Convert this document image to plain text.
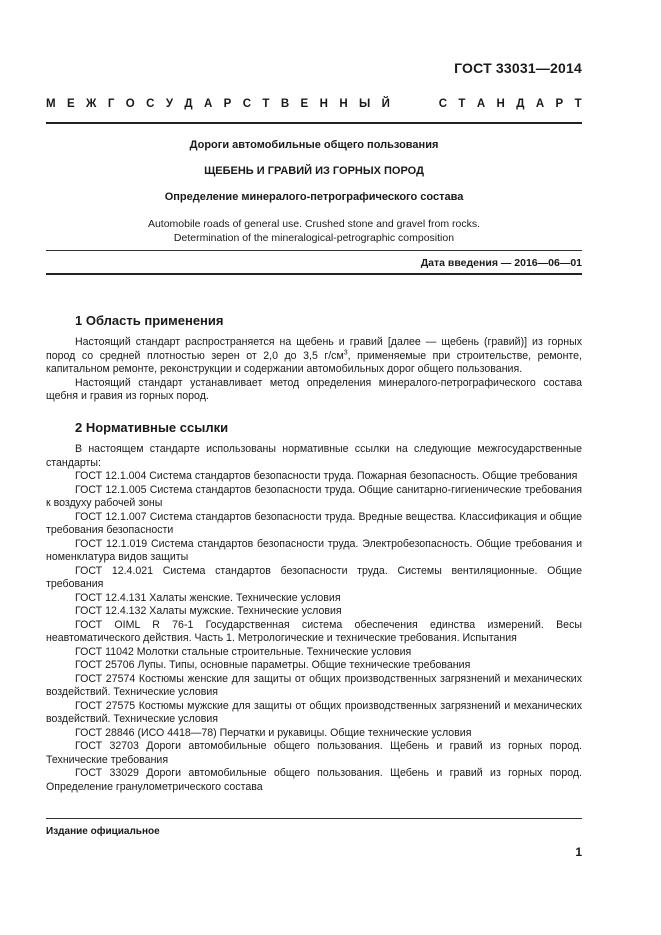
ГОСТ 33031—2014
М Е Ж Г О С У Д А Р С Т В Е Н Н Ы Й	С Т А Н Д А Р Т
Дороги автомобильные общего пользования
ЩЕБЕНЬ И ГРАВИЙ ИЗ ГОРНЫХ ПОРОД
Определение минералого-петрографического состава
Automobile roads of general use. Crushed stone and gravel from rocks.
Determination of the mineralogical-petrographic composition
Дата введения — 2016—06—01
1 Область применения

Настоящий стандарт распространяется на щебень и гравий [далее — щебень (гравий)] из горных пород со средней плотностью зерен от 2,0 до 3,5 $г/см^3$, применяемые при строительстве, ремонте, капитальном ремонте, реконструкции и содержании автомобильных дорог общего пользования.

Настоящий стандарт устанавливает метод определения минералого-петрографического состава щебня и гравия из горных пород.

2 Нормативные ссылки

В настоящем стандарте использованы нормативные ссылки на следующие межгосударственные стандарты:

ГОСТ 12.1.004 Система стандартов безопасности труда. Пожарная безопасность. Общие требования

ГОСТ 12.1.005 Система стандартов безопасности труда. Общие санитарно-гигиенические требования к воздуху рабочей зоны

ГОСТ 12.1.007 Система стандартов безопасности труда. Вредные вещества. Классификация и общие требования безопасности

ГОСТ 12.1.019 Система стандартов безопасности труда. Электробезопасность. Общие требования и номенклатура видов защиты

ГОСТ 12.4.021 Система стандартов безопасности труда. Системы вентиляционные. Общие требования

ГОСТ 12.4.131 Халаты женские. Технические условия

ГОСТ 12.4.132 Халаты мужские. Технические условия

ГОСТ OIML R 76-1 Государственная система обеспечения единства измерений. Весы неавтоматического действия. Часть 1. Метрологические и технические требования. Испытания

ГОСТ 11042 Молотки стальные строительные. Технические условия

ГОСТ 25706 Лупы. Типы, основные параметры. Общие технические требования

ГОСТ 27574 Костюмы женские для защиты от общих производственных загрязнений и механических воздействий. Технические условия

ГОСТ 27575 Костюмы мужские для защиты от общих производственных загрязнений и механических воздействий. Технические условия

ГОСТ 28846 (ИСО 4418—78) Перчатки и рукавицы. Общие технические условия

ГОСТ 32703 Дороги автомобильные общего пользования. Щебень и гравий из горных пород. Технические требования

ГОСТ 33029 Дороги автомобильные общего пользования. Щебень и гравий из горных пород. Определение гранулометрического состава

Издание официальное
1
